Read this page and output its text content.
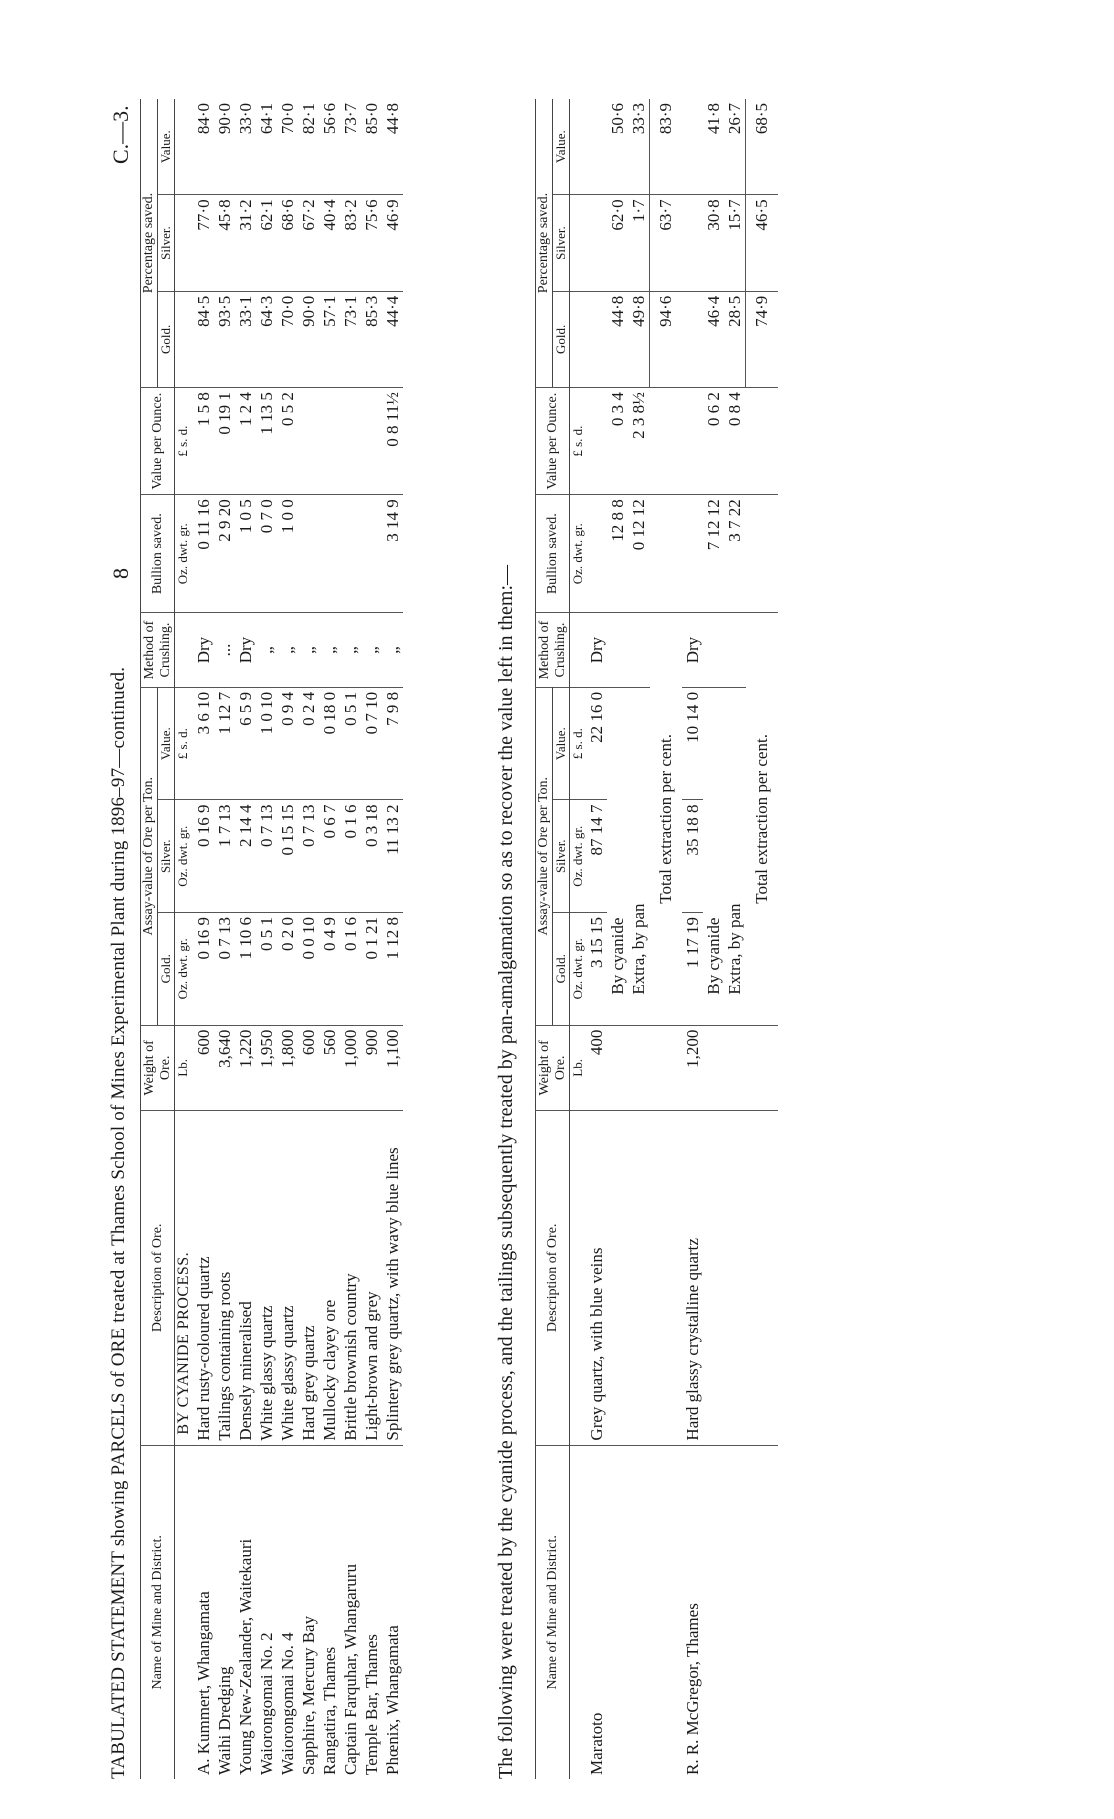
TABULATED STATEMENT showing PARCELS of ORE treated at Thames School of Mines Experimental Plant during 1896–97—continued.
8
C.—3.
Name of Mine and District.	Description of Ore.	Weight of Ore.	Assay-value of Ore per Ton.			Method of Crushing.	Bullion saved.	Value per Ounce.	Percentage saved.		
			Gold.	Silver.	Value.				Gold.	Silver.	Value.
	BY CYANIDE PROCESS.	Lb.	Oz. dwt. gr.	Oz. dwt. gr.	£ s. d.		Oz. dwt. gr.	£ s. d.			
A. Kummert, Whangamata	Hard rusty-coloured quartz	600	0 16 9	0 16 9	3 6 10	Dry	0 11 16	1 5 8	84·5	77·0	84·0
Waihi Dredging	Tailings containing roots	3,640	0 7 13	1 7 13	1 12 7	...	2 9 20	0 19 1	93·5	45·8	90·0
Young New-Zealander, Waitekauri	Densely mineralised	1,220	1 10 6	2 14 4	6 5 9	Dry	1 0 5	1 2 4	33·1	31·2	33·0
Waiorongomai No. 2	White glassy quartz	1,950	0 5 1	0 7 13	1 0 10	„	0 7 0	1 13 5	64·3	62·1	64·1
Waiorongomai No. 4	White glassy quartz	1,800	0 2 0	0 15 15	0 9 4	„	1 0 0	0 5 2	70·0	68·6	70·0
Sapphire, Mercury Bay	Hard grey quartz	600	0 0 10	0 7 13	0 2 4	„			90·0	67·2	82·1
Rangatira, Thames	Mullocky clayey ore	560	0 4 9	0 6 7	0 18 0	„			57·1	40·4	56·6
Captain Farquhar, Whangaruru	Brittle brownish country	1,000	0 1 6	0 1 6	0 5 1	„			73·1	83·2	73·7
Temple Bar, Thames	Light-brown and grey	900	0 1 21	0 3 18	0 7 10	„			85·3	75·6	85·0
Phœnix, Whangamata	Splintery grey quartz, with wavy blue lines	1,100	1 12 8	11 13 2	7 9 8	„	3 14 9	0 8 11½	44·4	46·9	44·8
The following were treated by the cyanide process, and the tailings subsequently treated by pan-amalgamation so as to recover the value left in them:— Name of Mine and District.	Description of Ore.	Weight of Ore.	Assay-value of Ore per Ton.			Method of Crushing.	Bullion saved.	Value per Ounce.	Percentage saved.		
			Gold.	Silver.	Value.				Gold.	Silver.	Value.
		Lb.	Oz. dwt. gr.	Oz. dwt. gr.	£ s. d.		Oz. dwt. gr.	£ s. d.			
Maratoto	Grey quartz, with blue veins	400	3 15 15	87 14 7	22 16 0	Dry					
			By cyanide				12 8 8	0 3 4	44·8	62·0	50·6
			Extra, by pan				0 12 12	2 3 8½	49·8	1·7	33·3
			Total extraction per cent.						94·6	63·7	83·9
R. R. McGregor, Thames	Hard glassy crystalline quartz	1,200	1 17 19	35 18 8	10 14 0	Dry					
			By cyanide				7 12 12	0 6 2	46·4	30·8	41·8
			Extra, by pan				3 7 22	0 8 4	28·5	15·7	26·7
			Total extraction per cent.						74·9	46·5	68·5
